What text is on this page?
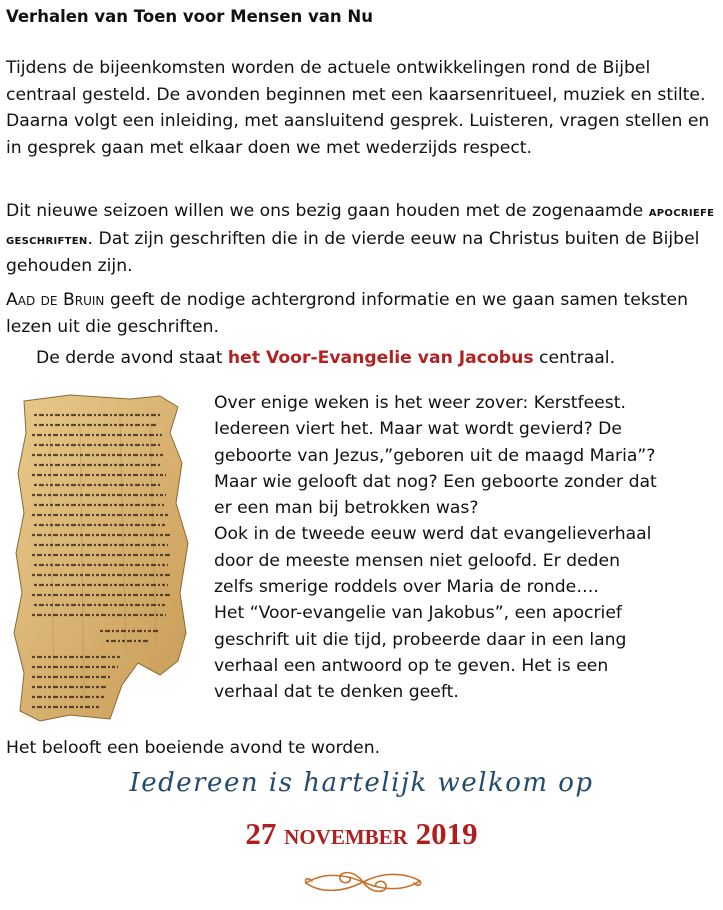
Verhalen van Toen voor Mensen van Nu

Tijdens de bijeenkomsten worden de actuele ontwikkelingen rond de Bijbel centraal gesteld. De avonden beginnen met een kaarsenritueel, muziek en stilte. Daarna volgt een inleiding, met aansluitend gesprek. Luisteren, vragen stellen en in gesprek gaan met elkaar doen we met wederzijds respect.

Dit nieuwe seizoen willen we ons bezig gaan houden met de zogenaamde apocriefe geschriften. Dat zijn geschriften die in de vierde eeuw na Christus buiten de Bijbel gehouden zijn.

Aad de Bruin geeft de nodige achtergrond informatie en we gaan samen teksten lezen uit die geschriften.

De derde avond staat het Voor-Evangelie van Jacobus centraal.
Over enige weken is het weer zover: Kerstfeest.
Iedereen viert het. Maar wat wordt gevierd? De
geboorte van Jezus,”geboren uit de maagd Maria”?
Maar wie gelooft dat nog? Een geboorte zonder dat
er een man bij betrokken was?
Ook in de tweede eeuw werd dat evangelieverhaal
door de meeste mensen niet geloofd. Er deden
zelfs smerige roddels over Maria de ronde….
Het “Voor-evangelie van Jakobus”, een apocrief
geschrift uit die tijd, probeerde daar in een lang
verhaal een antwoord op te geven. Het is een
verhaal dat te denken geeft.
Het belooft een boeiende avond te worden.
Iedereen is hartelijk welkom op
27 november 2019
